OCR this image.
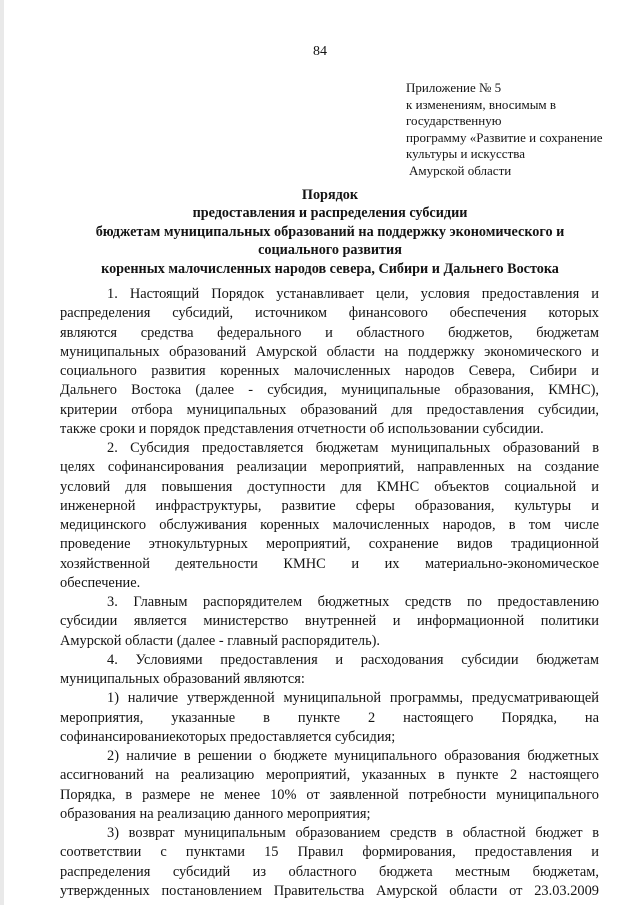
84
Приложение № 5
к изменениям, вносимым в
государственную
программу «Развитие и сохранение
культуры и искусства
Амурской области
Порядок
предоставления и распределения субсидии
бюджетам муниципальных образований на поддержку экономического и
социального развития
коренных малочисленных народов севера, Сибири и Дальнего Востока
1. Настоящий Порядок устанавливает цели, условия предоставления и
распределения субсидий, источником финансового обеспечения которых
являются средства федерального и областного бюджетов, бюджетам
муниципальных образований Амурской области на поддержку экономического и
социального развития коренных малочисленных народов Севера, Сибири и
Дальнего Востока (далее - субсидия, муниципальные образования, КМНС),
критерии отбора муниципальных образований для предоставления субсидии,
также сроки и порядок представления отчетности об использовании субсидии.
2. Субсидия предоставляется бюджетам муниципальных образований в
целях софинансирования реализации мероприятий, направленных на создание
условий для повышения доступности для КМНС объектов социальной и
инженерной инфраструктуры, развитие сферы образования, культуры и
медицинского обслуживания коренных малочисленных народов, в том числе
проведение этнокультурных мероприятий, сохранение видов традиционной
хозяйственной деятельности КМНС и их материально-экономическое
обеспечение.
3. Главным распорядителем бюджетных средств по предоставлению
субсидии является министерство внутренней и информационной политики
Амурской области (далее - главный распорядитель).
4. Условиями предоставления и расходования субсидии бюджетам
муниципальных образований являются:
1) наличие утвержденной муниципальной программы, предусматривающей
мероприятия, указанные в пункте 2 настоящего Порядка, на
софинансированиекоторых предоставляется субсидия;
2) наличие в решении о бюджете муниципального образования бюджетных
ассигнований на реализацию мероприятий, указанных в пункте 2 настоящего
Порядка, в размере не менее 10% от заявленной потребности муниципального
образования на реализацию данного мероприятия;
3) возврат муниципальным образованием средств в областной бюджет в
соответствии с пунктами 15 Правил формирования, предоставления и
распределения субсидий из областного бюджета местным бюджетам,
утвержденных постановлением Правительства Амурской области от 23.03.2009
